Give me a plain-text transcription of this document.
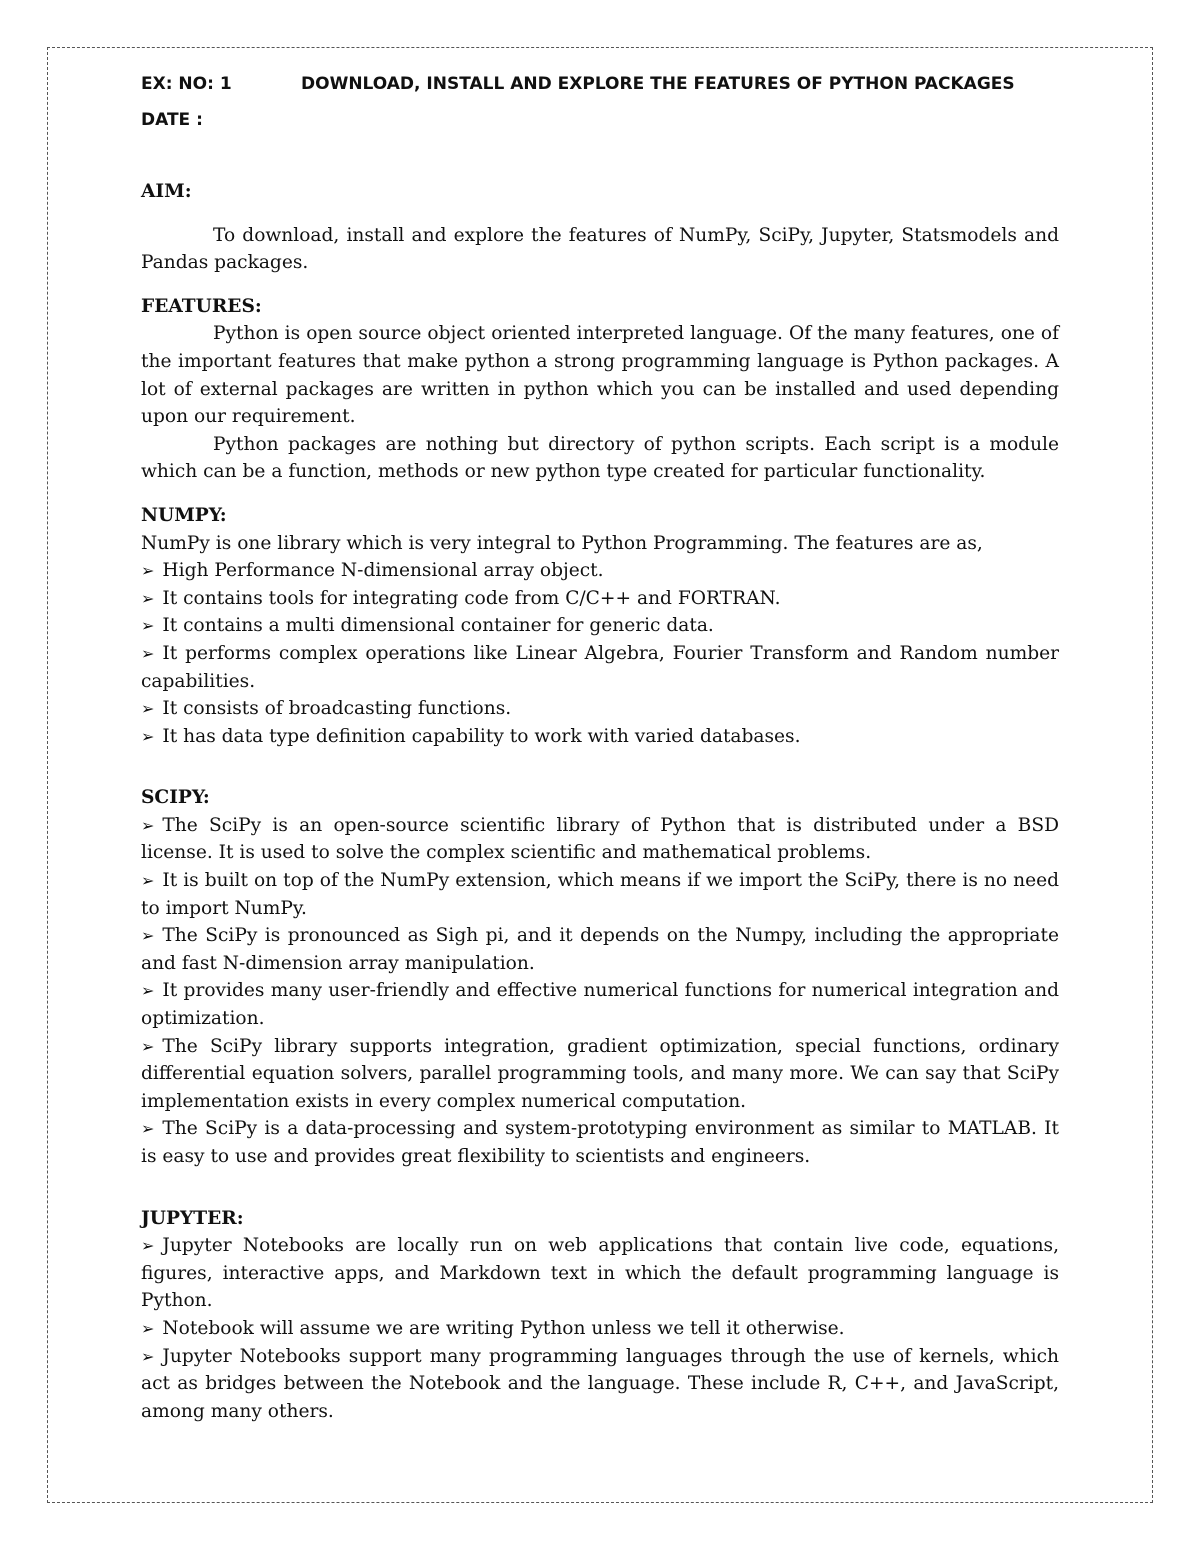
EX: NO: 1	DOWNLOAD, INSTALL AND EXPLORE THE FEATURES OF PYTHON PACKAGES
DATE :

AIM:

To download, install and explore the features of NumPy, SciPy, Jupyter, Statsmodels and Pandas packages.

FEATURES:

Python is open source object oriented interpreted language. Of the many features, one of the important features that make python a strong programming language is Python packages. A lot of external packages are written in python which you can be installed and used depending upon our requirement.

Python packages are nothing but directory of python scripts. Each script is a module which can be a function, methods or new python type created for particular functionality.

NUMPY:

NumPy is one library which is very integral to Python Programming. The features are as,

➢ High Performance N-dimensional array object.

➢ It contains tools for integrating code from C/C++ and FORTRAN.

➢ It contains a multi dimensional container for generic data.

➢ It performs complex operations like Linear Algebra, Fourier Transform and Random number capabilities.

➢ It consists of broadcasting functions.

➢ It has data type definition capability to work with varied databases.

SCIPY:

➢ The SciPy is an open-source scientific library of Python that is distributed under a BSD license. It is used to solve the complex scientific and mathematical problems.

➢ It is built on top of the NumPy extension, which means if we import the SciPy, there is no need to import NumPy.

➢ The SciPy is pronounced as Sigh pi, and it depends on the Numpy, including the appropriate and fast N-dimension array manipulation.

➢ It provides many user-friendly and effective numerical functions for numerical integration and optimization.

➢ The SciPy library supports integration, gradient optimization, special functions, ordinary differential equation solvers, parallel programming tools, and many more. We can say that SciPy implementation exists in every complex numerical computation.

➢ The SciPy is a data-processing and system-prototyping environment as similar to MATLAB. It is easy to use and provides great flexibility to scientists and engineers.

JUPYTER:

➢ Jupyter Notebooks are locally run on web applications that contain live code, equations, figures, interactive apps, and Markdown text in which the default programming language is Python.

➢ Notebook will assume we are writing Python unless we tell it otherwise.

➢ Jupyter Notebooks support many programming languages through the use of kernels, which act as bridges between the Notebook and the language. These include R, C++, and JavaScript, among many others.
